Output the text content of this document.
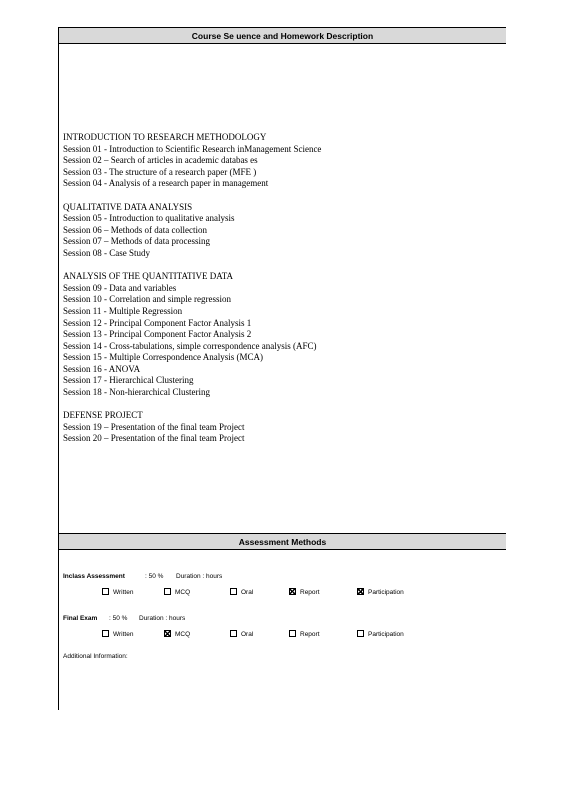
Course Se uence and Homework Description
INTRODUCTION TO RESEARCH METHODOLOGY
Session 01 - Introduction to Scientific Research inManagement Science
Session 02 – Search of articles in academic databas es
Session 03 - The structure of a research paper (MFE )
Session 04 - Analysis of a research paper in management
QUALITATIVE DATA ANALYSIS
Session 05 - Introduction to qualitative analysis
Session 06 – Methods of data collection
Session 07 – Methods of data processing
Session 08 - Case Study
ANALYSIS OF THE QUANTITATIVE DATA
Session 09 - Data and variables
Session 10 - Correlation and simple regression
Session 11 - Multiple Regression
Session 12 - Principal Component Factor Analysis 1
Session 13 - Principal Component Factor Analysis 2
Session 14 - Cross-tabulations, simple correspondence analysis (AFC)
Session 15 - Multiple Correspondence Analysis (MCA)
Session 16 - ANOVA
Session 17 - Hierarchical Clustering
Session 18 - Non-hierarchical Clustering
DEFENSE PROJECT
Session 19 – Presentation of the final team Project
Session 20 – Presentation of the final team Project
Assessment Methods
Inclass Assessment	: 50 % Duration : hours
Written	MCQ	Oral	Report	Participation
Final Exam : 50 % Duration : hours
Written	MCQ	Oral	Report	Participation
Additional Information:
